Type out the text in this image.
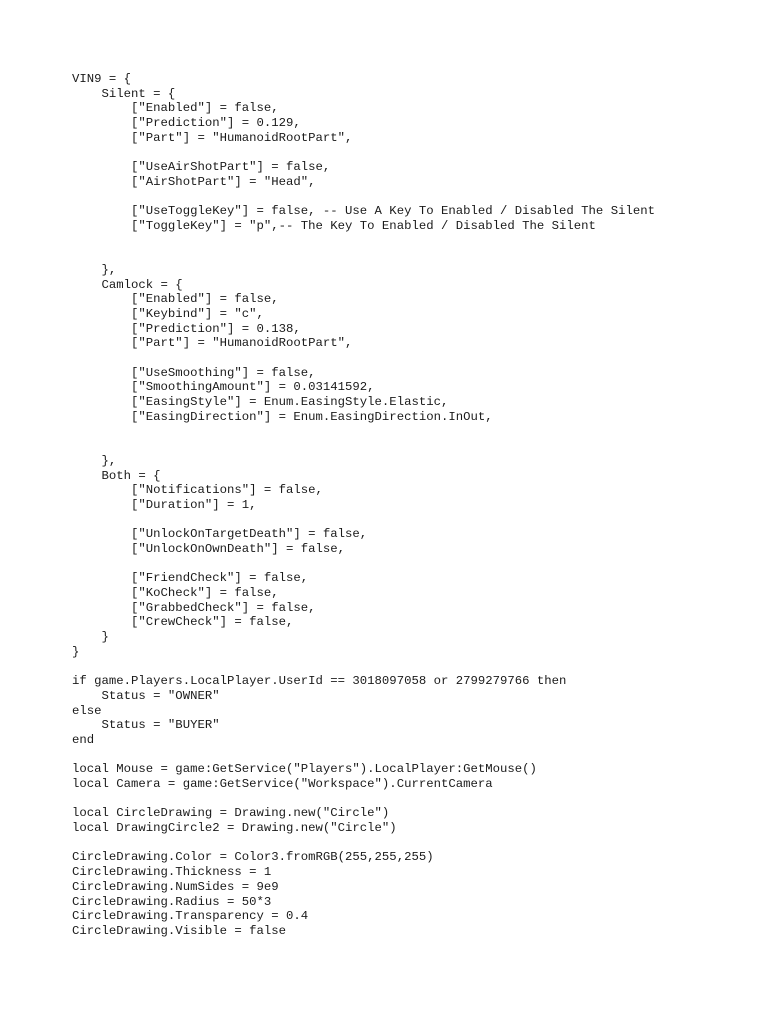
VIN9 = {
Silent = {
["Enabled"] = false,
["Prediction"] = 0.129,
["Part"] = "HumanoidRootPart",
["UseAirShotPart"] = false,
["AirShotPart"] = "Head",
["UseToggleKey"] = false, -- Use A Key To Enabled / Disabled The Silent
["ToggleKey"] = "p",-- The Key To Enabled / Disabled The Silent
},
Camlock = {
["Enabled"] = false,
["Keybind"] = "c",
["Prediction"] = 0.138,
["Part"] = "HumanoidRootPart",
["UseSmoothing"] = false,
["SmoothingAmount"] = 0.03141592,
["EasingStyle"] = Enum.EasingStyle.Elastic,
["EasingDirection"] = Enum.EasingDirection.InOut,
},
Both = {
["Notifications"] = false,
["Duration"] = 1,
["UnlockOnTargetDeath"] = false,
["UnlockOnOwnDeath"] = false,
["FriendCheck"] = false,
["KoCheck"] = false,
["GrabbedCheck"] = false,
["CrewCheck"] = false,
}
}
if game.Players.LocalPlayer.UserId == 3018097058 or 2799279766 then
Status = "OWNER"
else
Status = "BUYER"
end
local Mouse = game:GetService("Players").LocalPlayer:GetMouse()
local Camera = game:GetService("Workspace").CurrentCamera
local CircleDrawing = Drawing.new("Circle")
local DrawingCircle2 = Drawing.new("Circle")
CircleDrawing.Color = Color3.fromRGB(255,255,255)
CircleDrawing.Thickness = 1
CircleDrawing.NumSides = 9e9
CircleDrawing.Radius = 50*3
CircleDrawing.Transparency = 0.4
CircleDrawing.Visible = false
